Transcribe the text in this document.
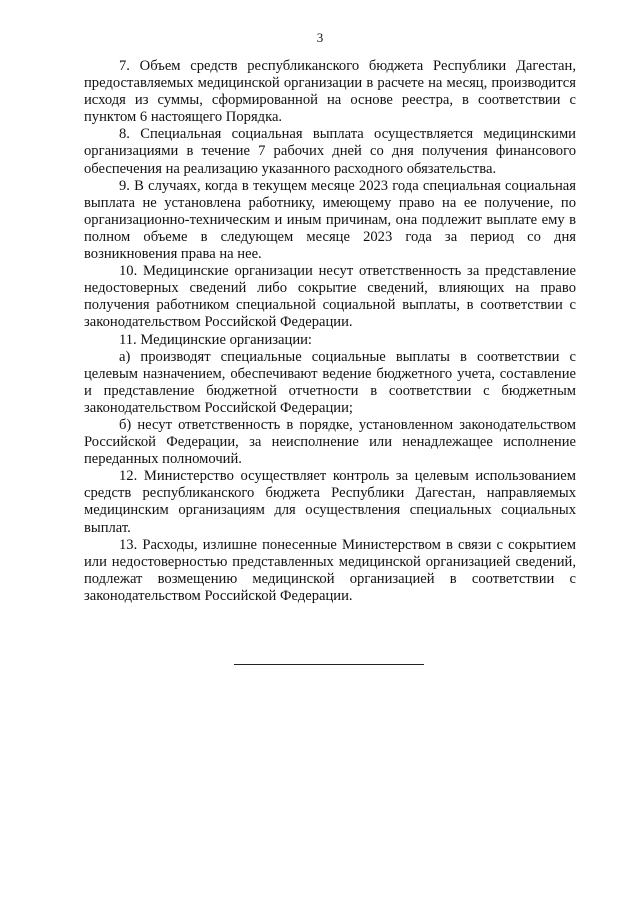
3

7. Объем средств республиканского бюджета Республики Дагестан, предоставляемых медицинской организации в расчете на месяц, производится исходя из суммы, сформированной на основе реестра, в соответствии с пунктом 6 настоящего Порядка.

8. Специальная социальная выплата осуществляется медицинскими организациями в течение 7 рабочих дней со дня получения финансового обеспечения на реализацию указанного расходного обязательства.

9. В случаях, когда в текущем месяце 2023 года специальная социальная выплата не установлена работнику, имеющему право на ее получение, по организационно-техническим и иным причинам, она подлежит выплате ему в полном объеме в следующем месяце 2023 года за период со дня возникновения права на нее.

10. Медицинские организации несут ответственность за представление недостоверных сведений либо сокрытие сведений, влияющих на право получения работником специальной социальной выплаты, в соответствии с законодательством Российской Федерации.

11. Медицинские организации:

а) производят специальные социальные выплаты в соответствии с целевым назначением, обеспечивают ведение бюджетного учета, составление и представление бюджетной отчетности в соответствии с бюджетным законодательством Российской Федерации;

б) несут ответственность в порядке, установленном законодательством Российской Федерации, за неисполнение или ненадлежащее исполнение переданных полномочий.

12. Министерство осуществляет контроль за целевым использованием средств республиканского бюджета Республики Дагестан, направляемых медицинским организациям для осуществления специальных социальных выплат.

13. Расходы, излишне понесенные Министерством в связи с сокрытием или недостоверностью представленных медицинской организацией сведений, подлежат возмещению медицинской организацией в соответствии с законодательством Российской Федерации.
